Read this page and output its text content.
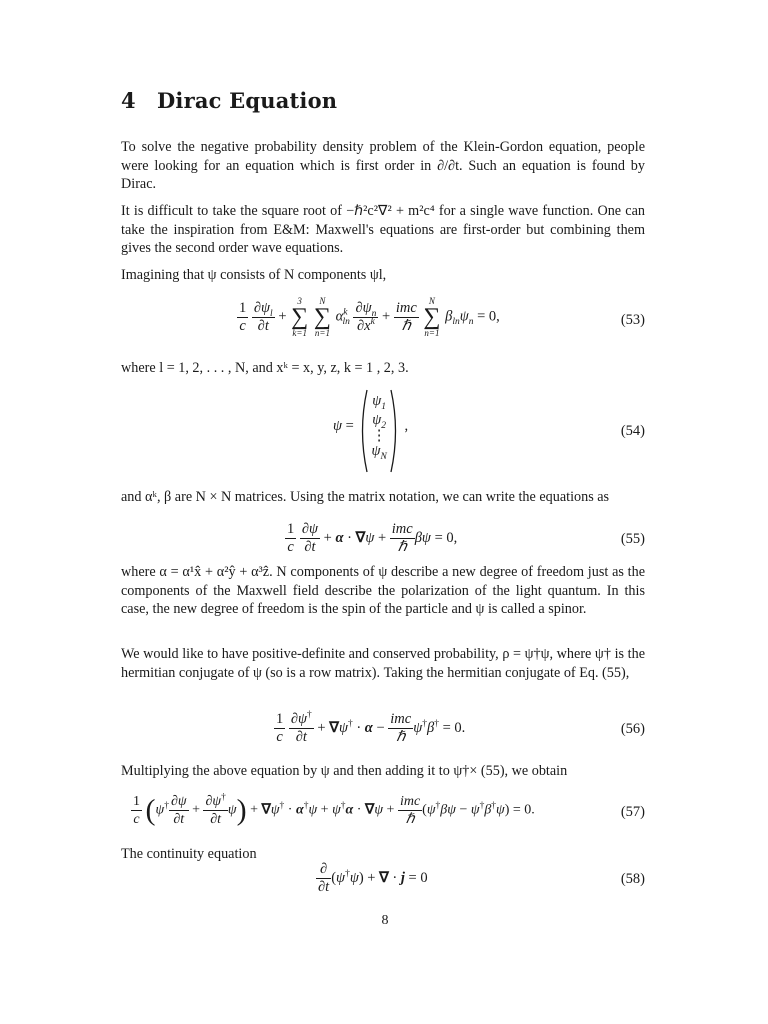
4 Dirac Equation

To solve the negative probability density problem of the Klein-Gordon equation, people were looking for an equation which is first order in ∂/∂t. Such an equation is found by Dirac.

It is difficult to take the square root of −ℏ²c²∇² + m²c⁴ for a single wave function. One can take the inspiration from E&M: Maxwell's equations are first-order but combining them gives the second order wave equations.

Imagining that ψ consists of N components ψl,

$\frac{1}{c}$
$\frac{\partial\psi_l}{\partial t}$ +
3
∑
k=1

N
∑
n=1
$\alpha^k_{ln} \frac{\partial\psi_n}{\partial x^k} + \frac{\text{imc}}{\text{ℏ}}$
	N
∑
n=1
$\beta_{ln}\psi_n = 0$,	(53)

where l = 1, 2, . . . , N, and xᵏ = x, y, z, k = 1 , 2, 3.

ψ =
$\psi_1$
$\psi_2$
⋮
$\psi_N$
,	(54)

and αᵏ, β are N × N matrices. Using the matrix notation, we can write the equations as

$\frac{1}{c}$
$\frac{\partial\psi}{\partial t} + \alpha \cdot \nabla\psi + \frac{\text{imc}}{\text{ℏ}}$ βψ = 0,	(55)

where α = α¹x̂ + α²ŷ + α³ẑ. N components of ψ describe a new degree of freedom just as the components of the Maxwell field describe the polarization of the light quantum. In this case, the new degree of freedom is the spin of the particle and ψ is called a spinor.

We would like to have positive-definite and conserved probability, ρ = ψ†ψ, where ψ† is the hermitian conjugate of ψ (so is a row matrix). Taking the hermitian conjugate of Eq. (55),

$\frac{1}{c}$
$\frac{\partial\psi^\dagger}{\partial t} + \nabla\psi^\dagger \cdot \alpha - \frac{\text{imc}}{\text{ℏ}} \psi^\dagger\beta^\dagger = 0$.	(56)

Multiplying the above equation by ψ and then adding it to ψ†× (55), we obtain

$\frac{1}{c} (\psi^\dagger \frac{\partial\psi}{\partial t} + \frac{\partial\psi^\dagger}{\partial t} \psi) + \nabla\psi^\dagger \cdot \alpha^\dagger\psi + \psi^\dagger\alpha \cdot \nabla\psi + \frac{\text{imc}}{\text{ℏ}} (\psi^\dagger\beta\psi - \psi^\dagger\beta^\dagger\psi) = 0$.	(57)

The continuity equation

$\frac{\partial}{\partial t} (\psi^\dagger\psi)$ + ∇ · j = 0	(58)
8
